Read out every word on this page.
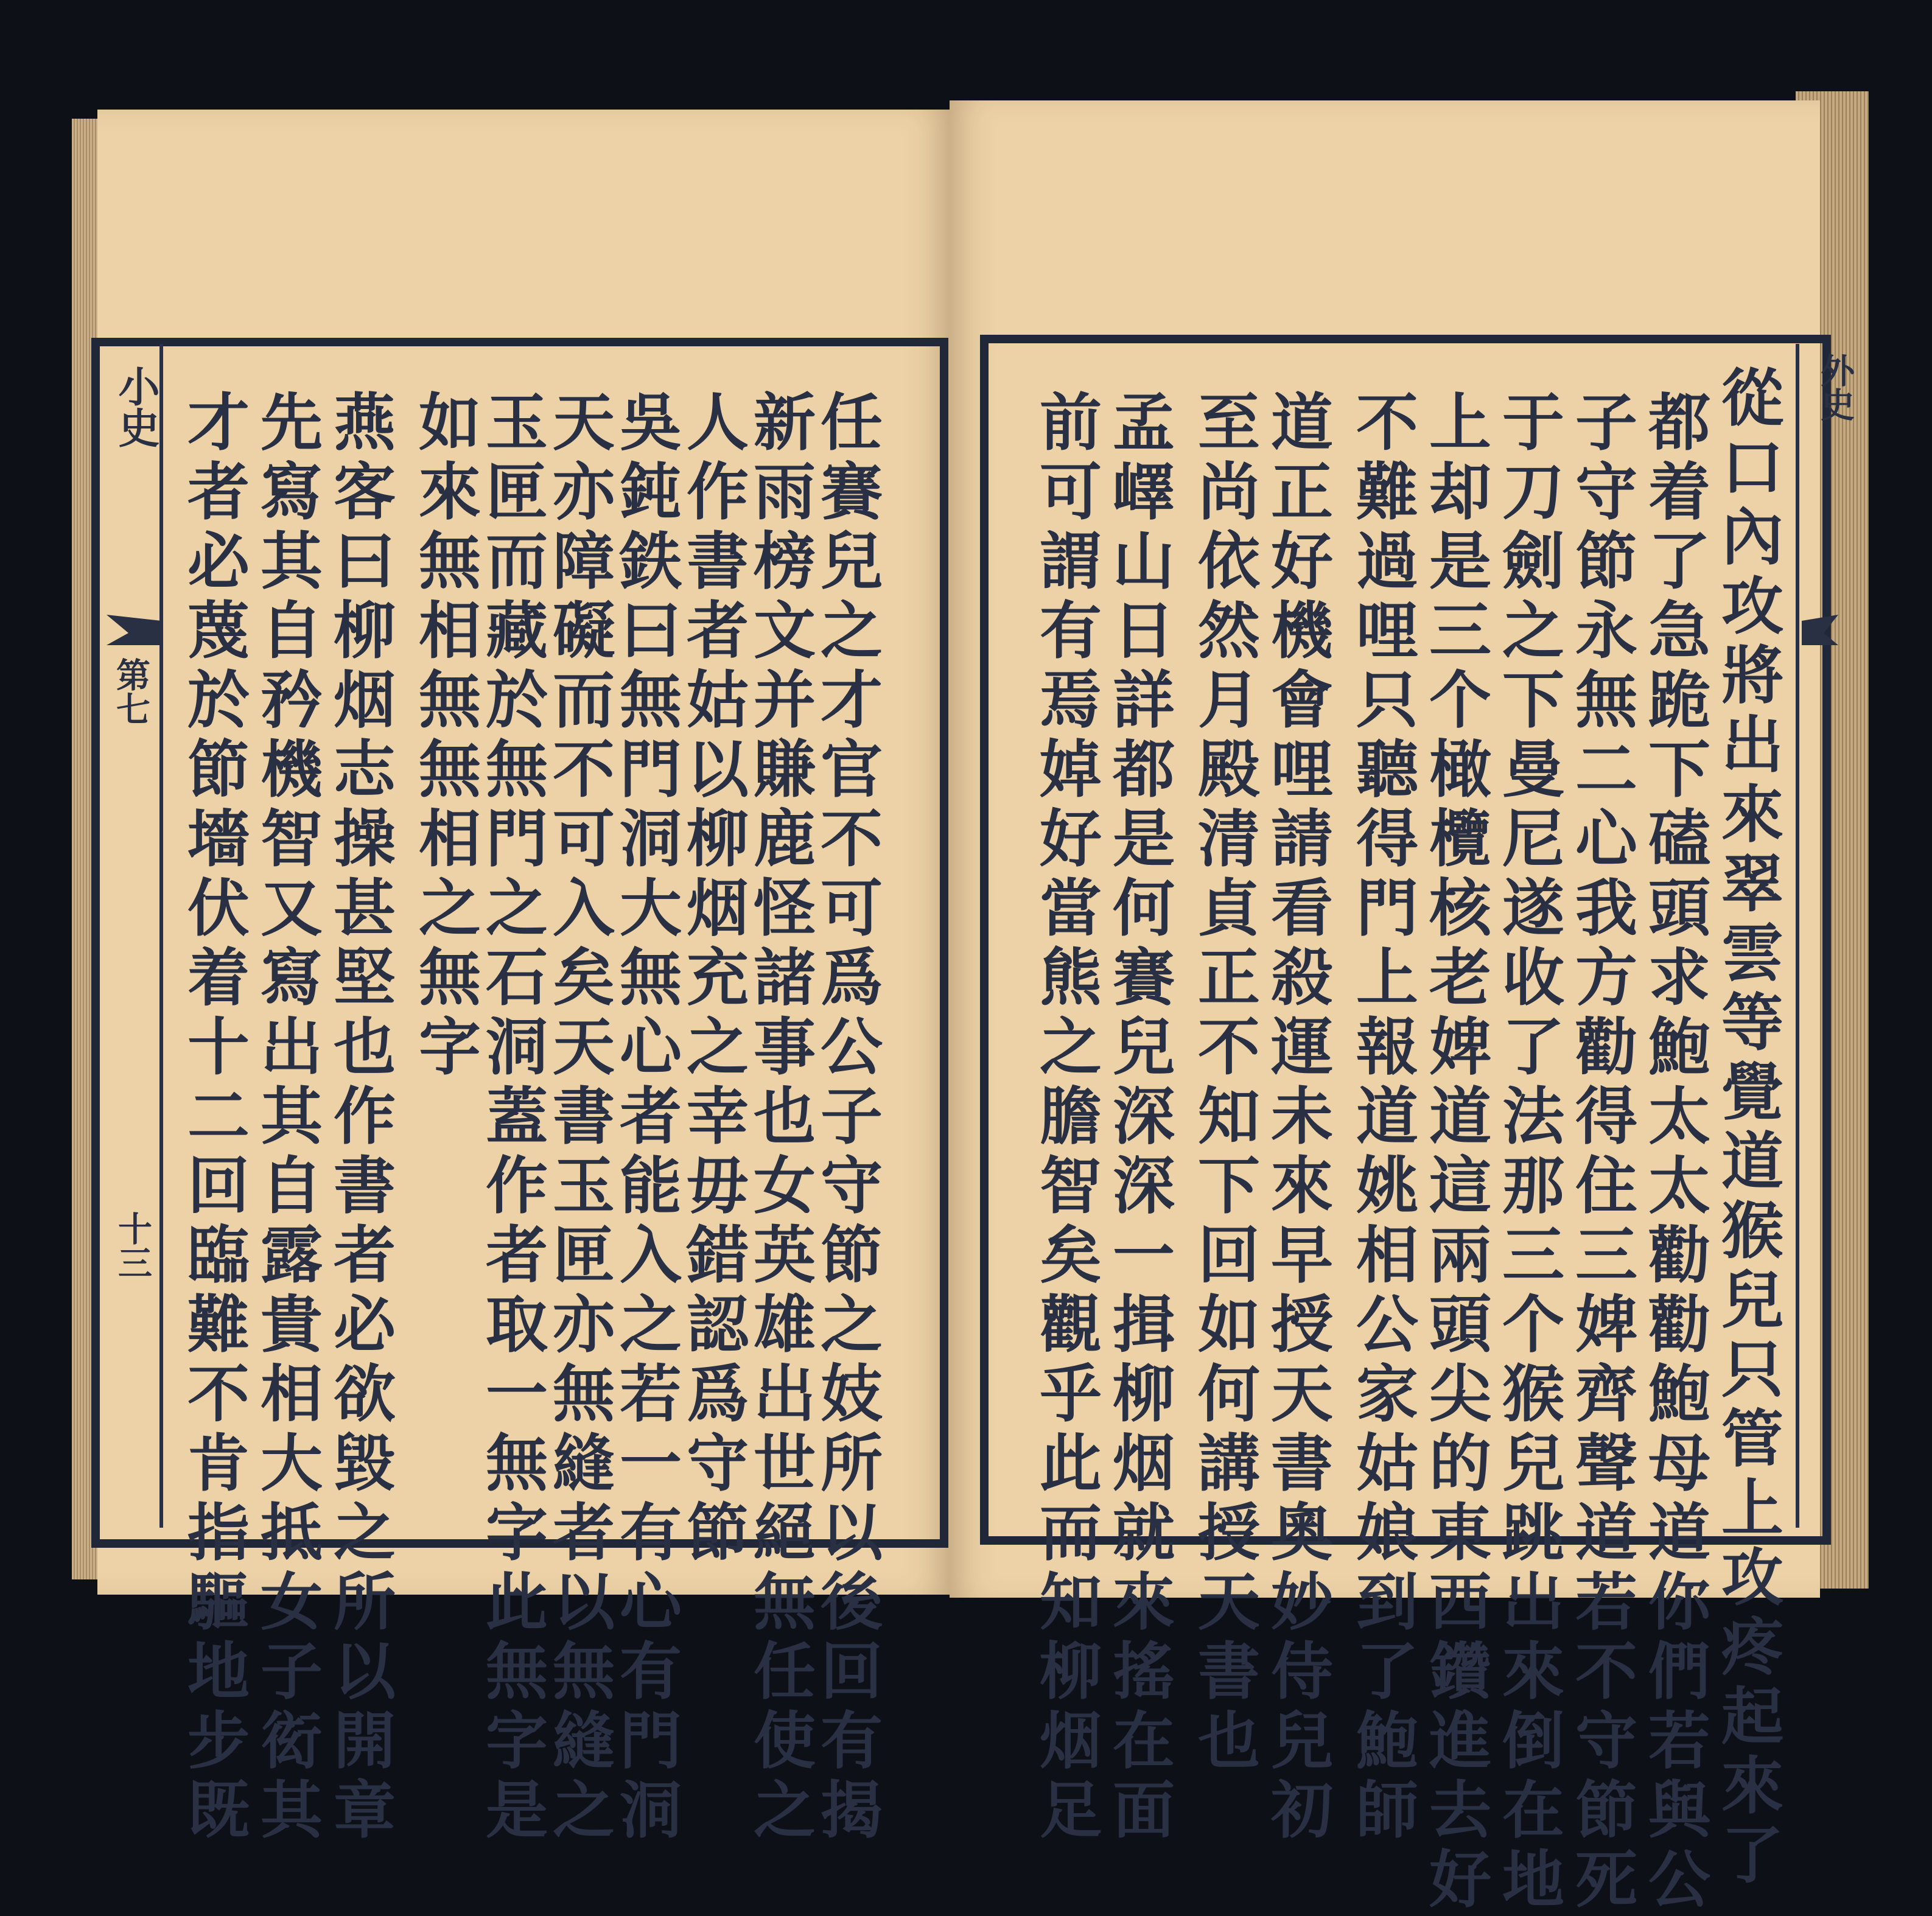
小史
第七
十三
外史
任賽兒之才官不可爲公子守節之妓所以後回有揭
新雨榜文并賺鹿怪諸事也女英雄出世絕無任使之
人作書者姑以柳烟充之幸毋錯認爲守節
吳鈍鉄曰無門洞大無心者能入之若一有心有門洞
天亦障礙而不可入矣天書玉匣亦無縫者以無縫之
玉匣而藏於無門之石洞蓋作者取一無字此無字是
如來無相無無相之無字
燕客曰柳烟志操甚堅也作書者必欲毀之所以開章
先寫其自矜機智又寫出其自露貴相大抵女子衒其
才者必蔑於節墻伏着十二回臨難不肯指驅地步既	從口內攻將出來翠雲等覺道猴兒只管上攻疼起來了
都着了急跪下磕頭求鮑太太勸勸鮑母道你們若與公
子守節永無二心我方勸得住三婢齊聲道若不守節死
于刀劍之下曼尼遂收了法那三个猴兒跳出來倒在地
上却是三个橄欖核老婢道這兩頭尖的東西鑽進去好
不難過哩只聽得門上報道姚相公家姑娘到了鮑師
道正好機會哩請看殺運未來早授天書奧妙侍兒初
至尚依然月殿清貞正不知下回如何講授天書也
孟嶧山日詳都是何賽兒深深一揖柳烟就來搖在面
前可謂有焉婥好當熊之膽智矣觀乎此而知柳烟足
